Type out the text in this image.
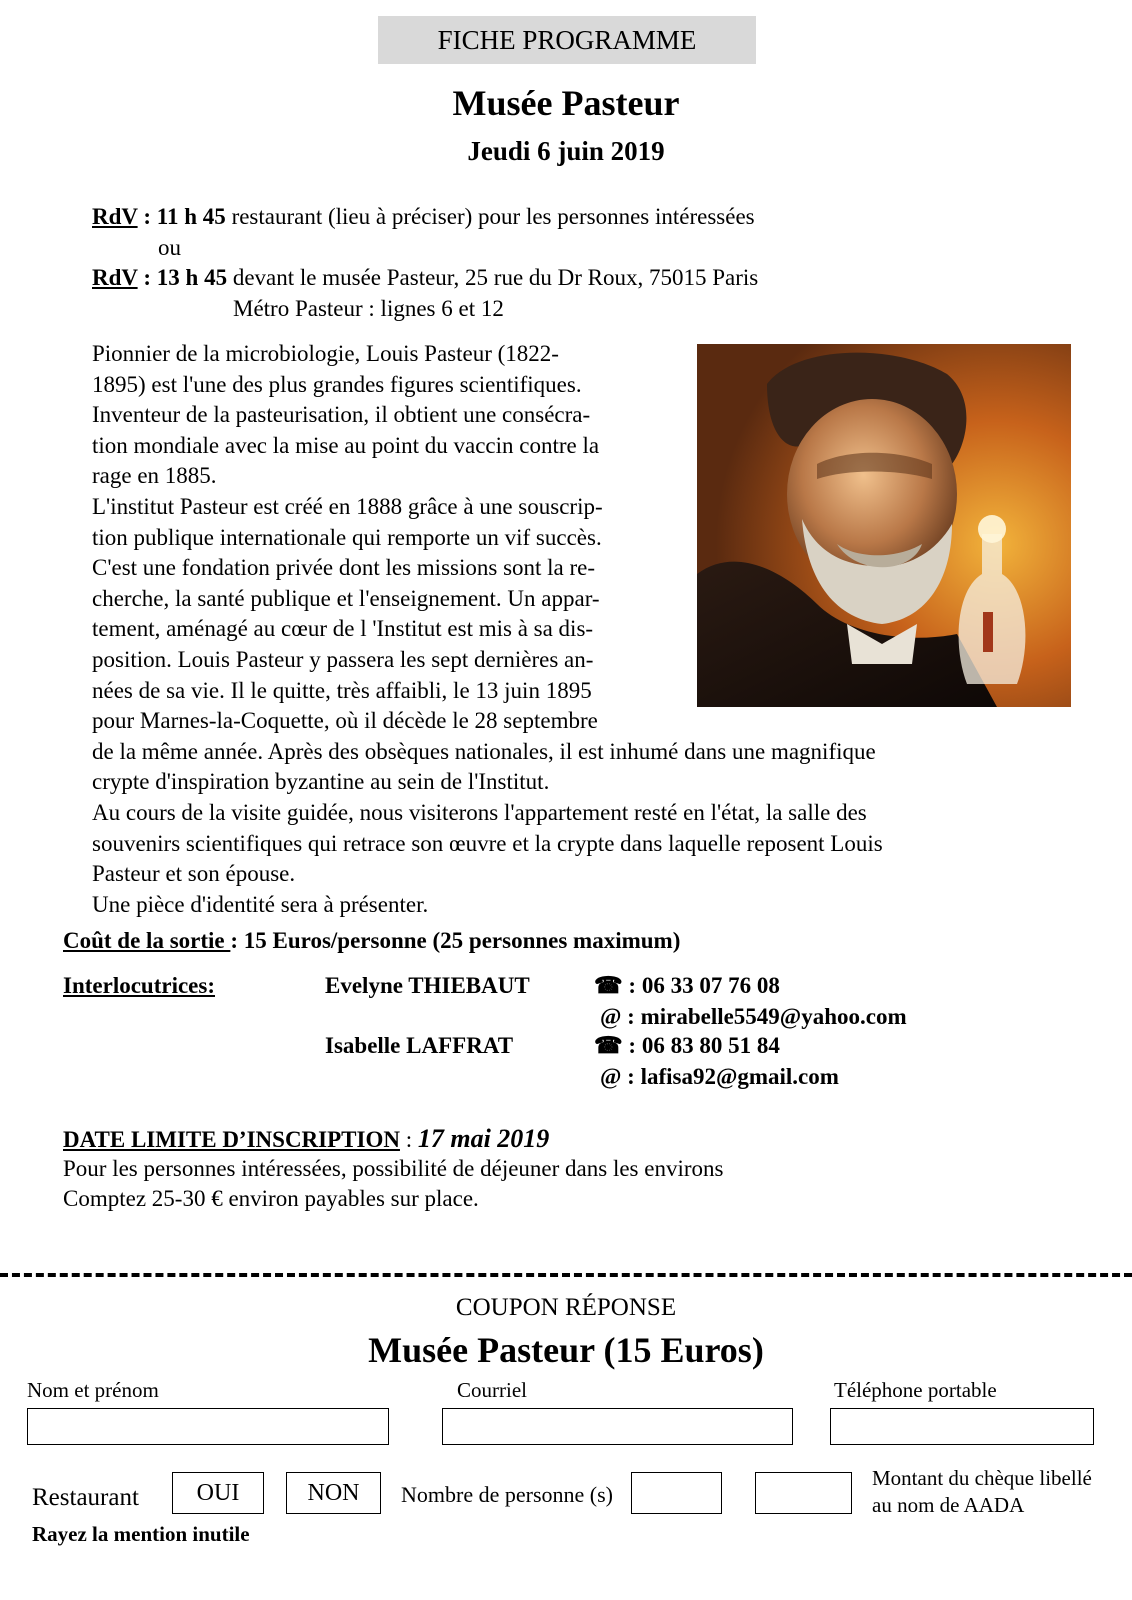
FICHE PROGRAMME
Musée Pasteur
Jeudi 6 juin 2019
RdV : 11 h 45 restaurant (lieu à préciser) pour les personnes intéressées
ou
RdV : 13 h 45 devant le musée Pasteur, 25 rue du Dr Roux, 75015 Paris
Métro Pasteur : lignes 6 et 12
Pionnier de la microbiologie, Louis Pasteur (1822-
1895) est l'une des plus grandes figures scientifiques.
Inventeur de la pasteurisation, il obtient une consécra-
tion mondiale avec la mise au point du vaccin contre la
rage en 1885.
L'institut Pasteur est créé en 1888 grâce à une souscrip-
tion publique internationale qui remporte un vif succès.
C'est une fondation privée dont les missions sont la re-
cherche, la santé publique et l'enseignement. Un appar-
tement, aménagé au cœur de l 'Institut est mis à sa dis-
position. Louis Pasteur y passera les sept dernières an-
nées de sa vie. Il le quitte, très affaibli, le 13 juin 1895
pour Marnes-la-Coquette, où il décède le 28 septembre
de la même année. Après des obsèques nationales, il est inhumé dans une magnifique
crypte d'inspiration byzantine au sein de l'Institut.
Au cours de la visite guidée, nous visiterons l'appartement resté en l'état, la salle des
souvenirs scientifiques qui retrace son œuvre et la crypte dans laquelle reposent Louis
Pasteur et son épouse.
Une pièce d'identité sera à présenter.
Coût de la sortie : 15 Euros/personne (25 personnes maximum)
Interlocutrices:	Evelyne THIEBAUT	☎ : 06 33 07 76 08
@ : mirabelle5549@yahoo.com
Isabelle LAFFRAT	☎ : 06 83 80 51 84
@ : lafisa92@gmail.com
DATE LIMITE D’INSCRIPTION : 17 mai 2019
Pour les personnes intéressées, possibilité de déjeuner dans les environs
Comptez 25-30 € environ payables sur place.
COUPON RÉPONSE
Musée Pasteur (15 Euros)
Nom et prénom	Courriel	Téléphone portable
Restaurant	OUI	NON	Nombre de personne (s)
Montant du chèque libellé
au nom de AADA
Rayez la mention inutile
